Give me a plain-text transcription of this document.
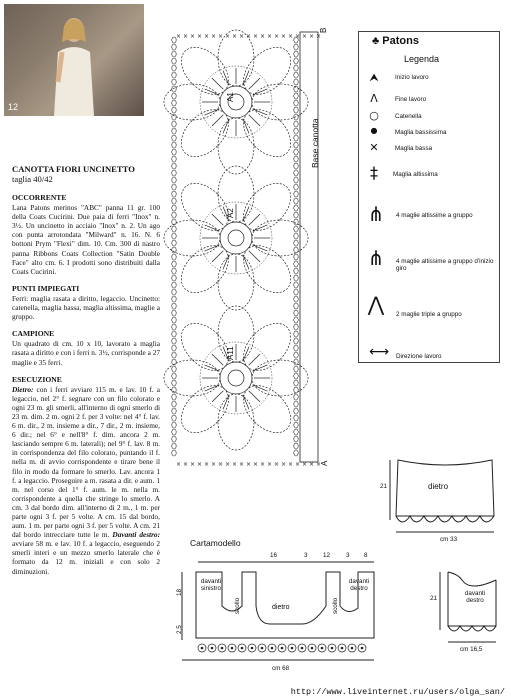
12
CANOTTA FIORI UNCINETTO
taglia 40/42
OCCORRENTE
Lana Patons merinos "ABC" panna 11 gr. 100 della Coats Cucirini. Due paia di ferri "Inox" n. 3½. Un uncinetto in acciaio "Inox" n. 2. Un ago con punta arrotondata "Milward" n. 16. N. 6 bottoni Prym "Flexi" dim. 10. Cm. 300 di nastro panna Ribbons Coats Collection "Satin Double Face" alto cm. 6. I prodotti sono distribuiti dalla Coats Cucirini.
PUNTI IMPIEGATI
Ferri: maglia rasata a diritto, legaccio. Uncinetto: catenella, maglia bassa, maglia altissima, maglie a gruppo.
CAMPIONE
Un quadrato di cm. 10 x 10, lavorato a maglia rasata a diritto e con i ferri n. 3½, corrisponde a 27 maglie e 35 ferri.
ESECUZIONE
Dietro: con i ferri avviare 115 m. e lav. 10 f. a legaccio, nel 2° f. segnare con un filo colorato e ogni 23 m. gli smerli, all'interno di ogni smerlo di 23 m. dim. 2 m. ogni 2 f. per 3 volte: nel 4° f. lav. 6 m. dir., 2 m. insieme a dir., 7 dir., 2 m. insieme, 6 dir.; nel 6° e nell'8° f. dim. ancora 2 m. lasciando sempre 6 m. laterali); nel 9° f. lav. 8 m. in corrispondenza del filo colorato, puntando il f. nella m. di avvio corrispondente e tirare bene il filo in modo da formare lo smerlo. Lav. ancora 1 f. a legaccio. Proseguire a m. rasata a dir. e aum. 1 m. nel corso del 1° f. aum. le m. nella m. corrispondente a quella che stringe lo smerlo. A cm. 3 dal bordo dim. all'interno di 2 m., 1 m. per parte ogni 3 f. per 5 volte. A cm. 15 dal bordo, aum. 1 m. per parte ogni 3 f. per 5 volte. A cm. 21 dal bordo intrecciare tutte le m. Davanti destro: avviare 58 m. e lav. 10 f. a legaccio, eseguendo 2 smerli interi e un mezzo smerlo laterale che è formato da 12 m. iniziali e con solo 2 diminuzioni.
×
×
×
×
×
×
×
×
×
×
×
×
×
×
×
×
×
×
×
×
×
×
×
×
×
×
×
×
×
×
×
×
×
×
×
×
×
×
×
×
×
×
Base canotta
B
A
A1
A2
A11
♣ Patons
Legenda
⮝	Inizio lavoro
Λ	Fine lavoro
○	Catenella
●	Maglia bassissima
✕	Maglia bassa
‡	Maglia altissima
⋔ 4 maglie altissime a gruppo
⋔ 4 maglie altissime a gruppo d'inizio giro
⋀ 2 maglie triple a gruppo
⟷	Direzione lavoro
dietro
21
cm 33
davanti destro
21
cm 16,5
Cartamodello
16	3 12	3 8
18
2,5
cm 68
davanti sinistro
scollo	dietro	scollo
davanti destro
http://www.liveinternet.ru/users/olga_san/
